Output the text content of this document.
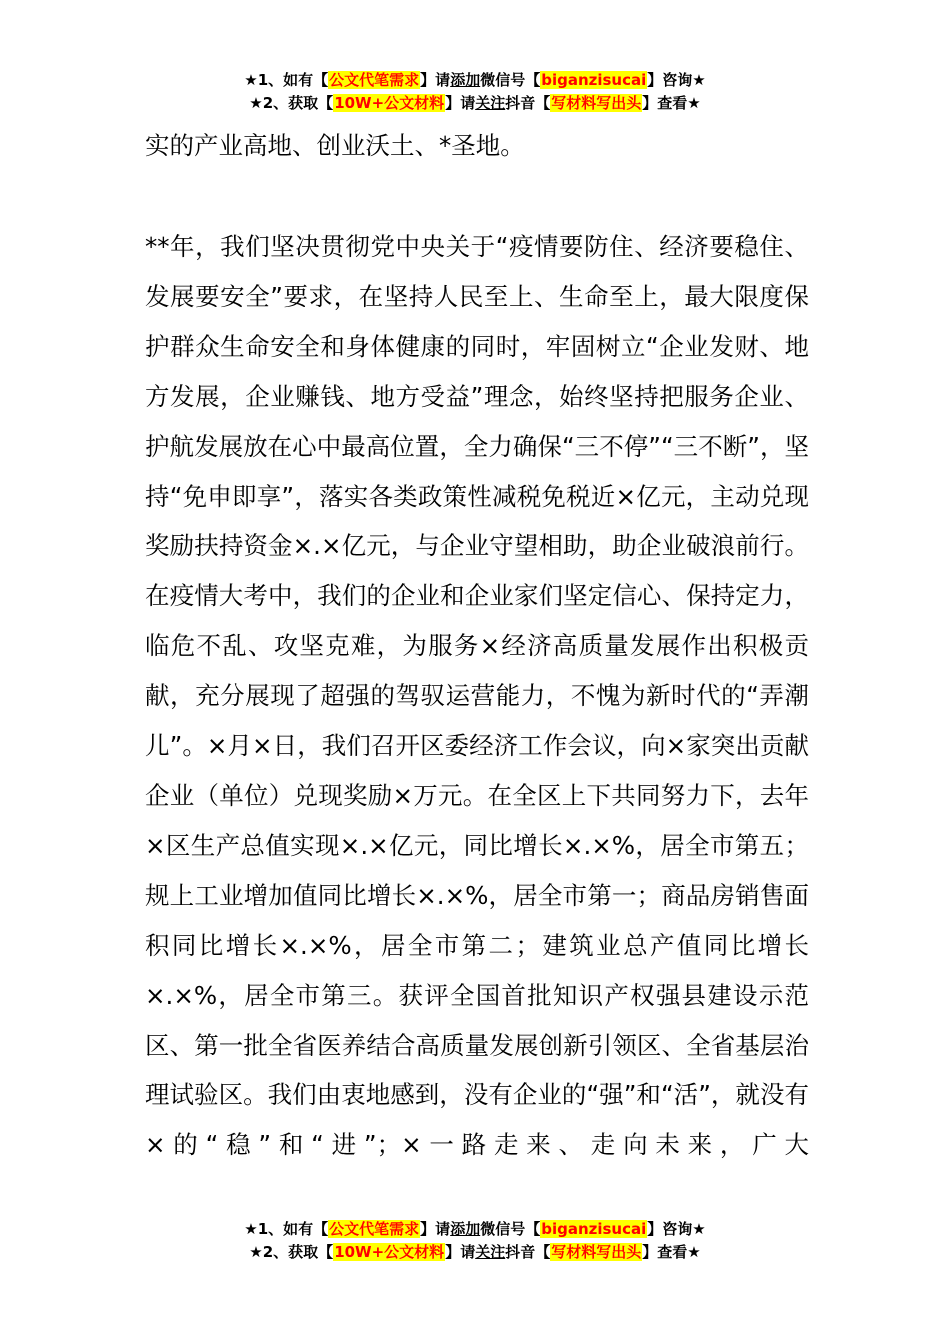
★1、如有【公文代笔需求】请添加微信号【biganzisucai】咨询★
★2、获取【10W+公文材料】请关注抖音【写材料写出头】查看★
实的产业高地、创业沃土、*圣地。
**年，我们坚决贯彻党中央关于“疫情要防住、经济要稳住、发展要安全”要求，在坚持人民至上、生命至上，最大限度保护群众生命安全和身体健康的同时，牢固树立“企业发财、地方发展，企业赚钱、地方受益”理念，始终坚持把服务企业、护航发展放在心中最高位置，全力确保“三不停”“三不断”，坚持“免申即享”，落实各类政策性减税免税近×亿元，主动兑现奖励扶持资金×.×亿元，与企业守望相助，助企业破浪前行。在疫情大考中，我们的企业和企业家们坚定信心、保持定力，临危不乱、攻坚克难，为服务×经济高质量发展作出积极贡献，充分展现了超强的驾驭运营能力，不愧为新时代的“弄潮儿”。×月×日，我们召开区委经济工作会议，向×家突出贡献企业（单位）兑现奖励×万元。在全区上下共同努力下，去年×区生产总值实现×.×亿元，同比增长×.×%，居全市第五；规上工业增加值同比增长×.×%，居全市第一；商品房销售面积同比增长×.×%，居全市第二；建筑业总产值同比增长×.×%，居全市第三。获评全国首批知识产权强县建设示范区、第一批全省医养结合高质量发展创新引领区、全省基层治理试验区。我们由衷地感到，没有企业的“强”和“活”，就没有×的“稳”和“进”；×一路走来、走向未来，广大
★1、如有【公文代笔需求】请添加微信号【biganzisucai】咨询★
★2、获取【10W+公文材料】请关注抖音【写材料写出头】查看★
